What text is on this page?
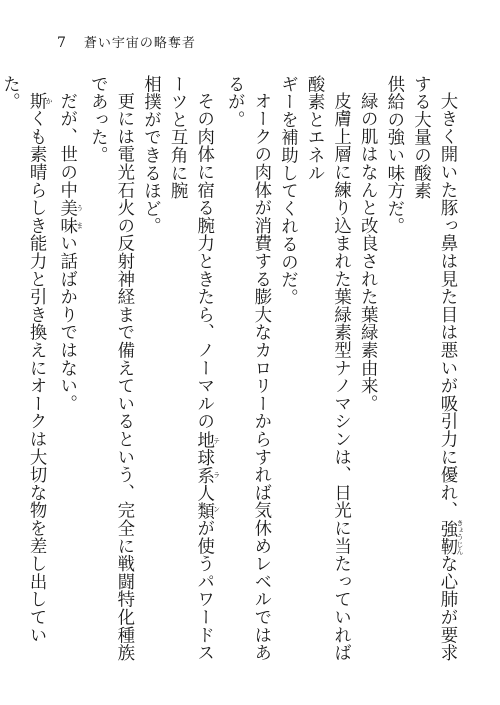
7 蒼い宇宙の略奪者

大きく開いた豚っ鼻は見た目は悪いが吸引力に優れ、強靭 きょうじんな心肺が要求する大量の酸素

供給の強い味方だ。

緑の肌はなんと改良された葉緑素由来。

皮膚上層に練り込まれた葉緑素型ナノマシンは、日光に当たっていれば酸素とエネル

ギーを補助してくれるのだ。

オークの肉体が消費する膨大なカロリーからすれば気休めレベルではあるが。

その肉体に宿る腕力ときたら、ノーマルの地球系人類 テランが使うパワードスーツと互角に腕

相撲ができるほど。

更には電光石火の反射神経まで備えているという、完全に戦闘特化種族であった。

だが、世の中美味 うまい話ばかりではない。

斯 かくも素晴らしき能力と引き換えにオークは大切な物を差し出していた。
